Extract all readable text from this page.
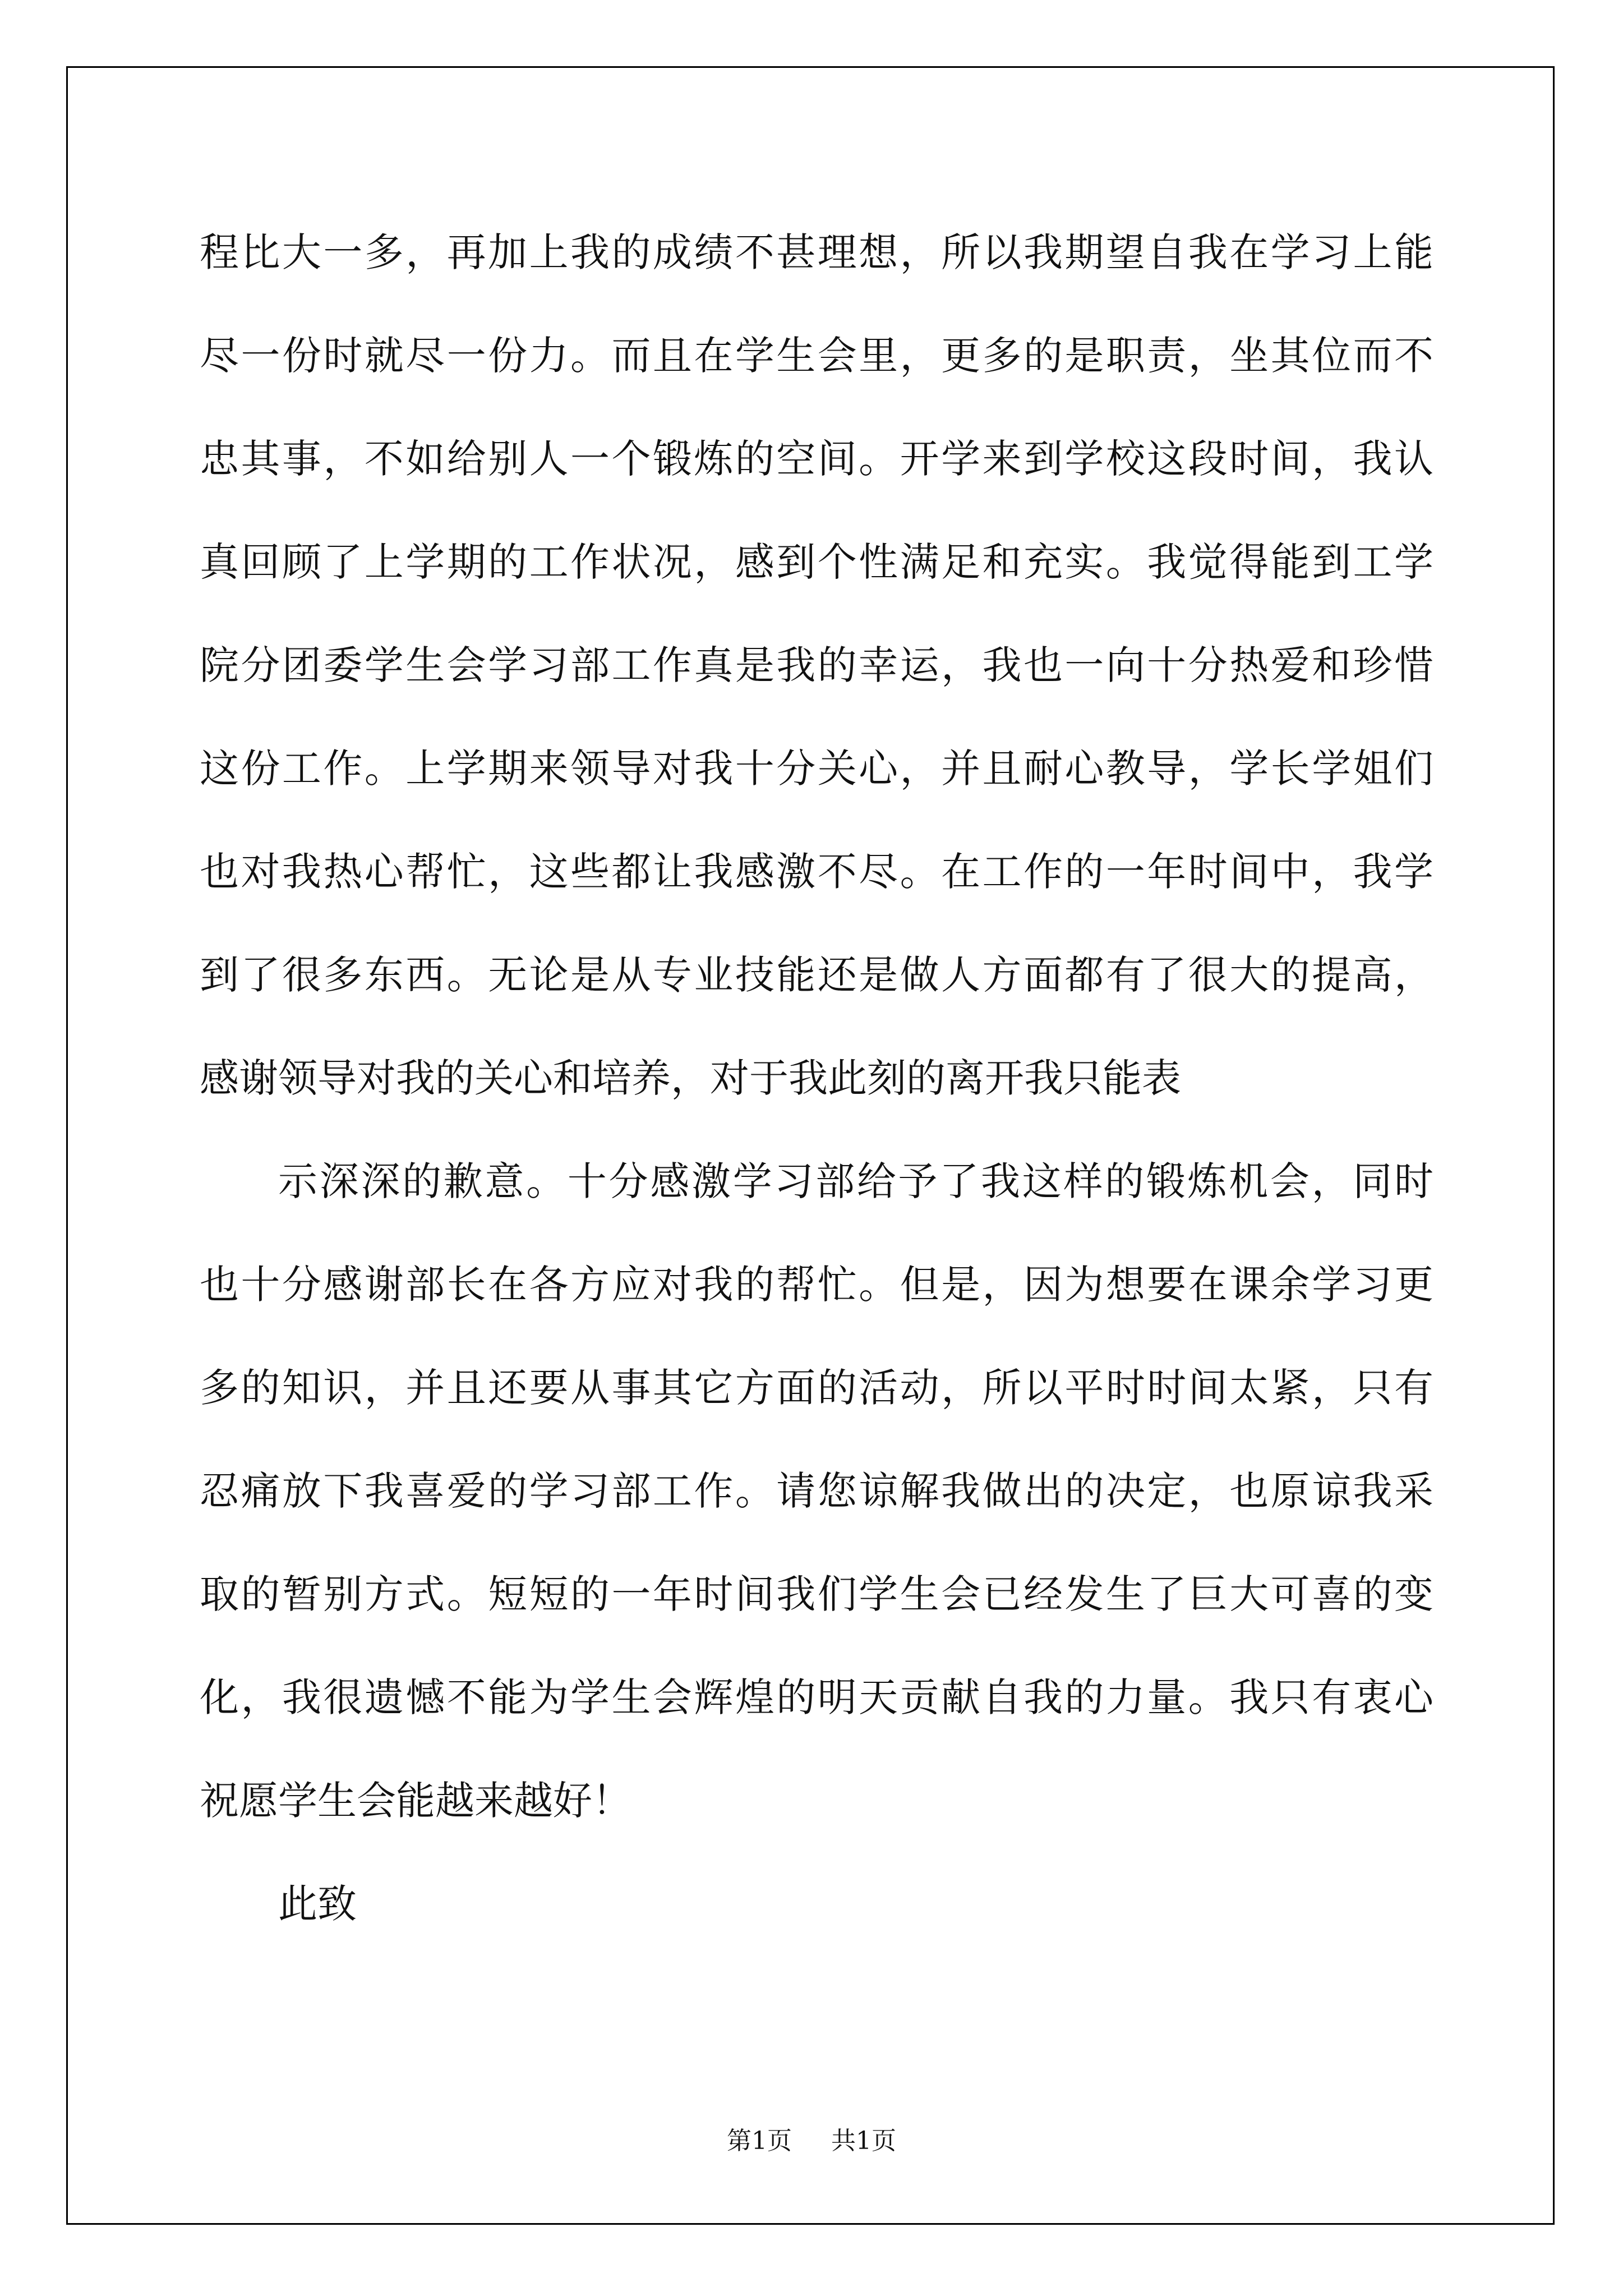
程比大一多，再加上我的成绩不甚理想，所以我期望自我在学习上能
尽一份时就尽一份力。而且在学生会里，更多的是职责，坐其位而不
忠其事，不如给别人一个锻炼的空间。开学来到学校这段时间，我认
真回顾了上学期的工作状况，感到个性满足和充实。我觉得能到工学
院分团委学生会学习部工作真是我的幸运，我也一向十分热爱和珍惜
这份工作。上学期来领导对我十分关心，并且耐心教导，学长学姐们
也对我热心帮忙，这些都让我感激不尽。在工作的一年时间中，我学
到了很多东西。无论是从专业技能还是做人方面都有了很大的提高，
感谢领导对我的关心和培养，对于我此刻的离开我只能表
示深深的歉意。十分感激学习部给予了我这样的锻炼机会，同时
也十分感谢部长在各方应对我的帮忙。但是，因为想要在课余学习更
多的知识，并且还要从事其它方面的活动，所以平时时间太紧，只有
忍痛放下我喜爱的学习部工作。请您谅解我做出的决定，也原谅我采
取的暂别方式。短短的一年时间我们学生会已经发生了巨大可喜的变
化，我很遗憾不能为学生会辉煌的明天贡献自我的力量。我只有衷心
祝愿学生会能越来越好！
此致
第1页 共1页
